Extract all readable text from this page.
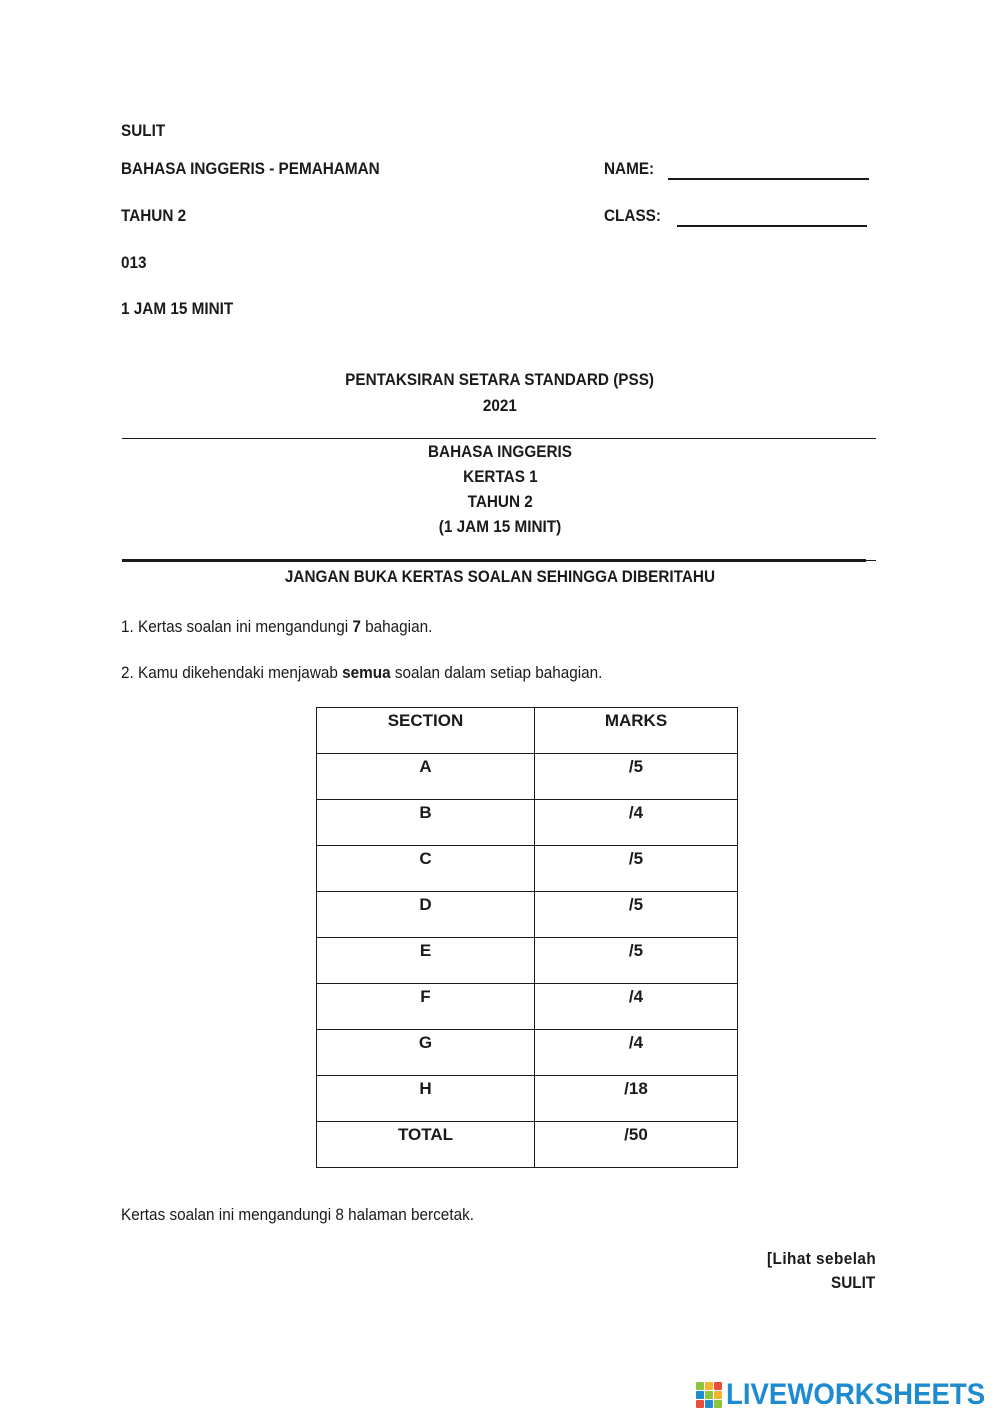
SULIT
BAHASA INGGERIS - PEMAHAMAN
TAHUN 2
013
1 JAM 15 MINIT
NAME:
CLASS:
PENTAKSIRAN SETARA STANDARD (PSS)
2021
BAHASA INGGERIS
KERTAS 1
TAHUN 2
(1 JAM 15 MINIT)
JANGAN BUKA KERTAS SOALAN SEHINGGA DIBERITAHU
1. Kertas soalan ini mengandungi 7 bahagian.
2. Kamu dikehendaki menjawab semua soalan dalam setiap bahagian.
SECTION	MARKS
A	/5
B	/4
C	/5
D	/5
E	/5
F	/4
G	/4
H	/18
TOTAL	/50
Kertas soalan ini mengandungi 8 halaman bercetak.
[Lihat sebelah
SULIT
LIVEWORKSHEETS
